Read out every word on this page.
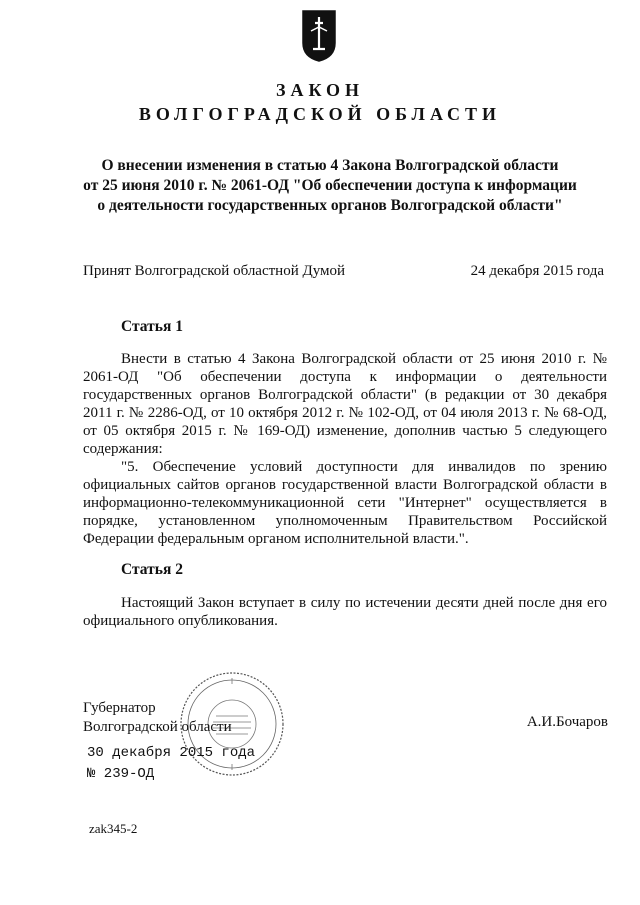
ЗАКОН
ВОЛГОГРАДСКОЙ ОБЛАСТИ
О внесении изменения в статью 4 Закона Волгоградской области
от 25 июня 2010 г. № 2061-ОД "Об обеспечении доступа к информации
о деятельности государственных органов Волгоградской области"
Принят Волгоградской областной Думой	24 декабря 2015 года
Статья 1
Внести в статью 4 Закона Волгоградской области от 25 июня 2010 г. № 2061-ОД "Об обеспечении доступа к информации о деятельности государственных органов Волгоградской области" (в редакции от 30 декабря 2011 г. № 2286-ОД, от 10 октября 2012 г. № 102-ОД, от 04 июля 2013 г. № 68-ОД, от 05 октября 2015 г. № 169-ОД) изменение, дополнив частью 5 следующего содержания:
"5. Обеспечение условий доступности для инвалидов по зрению официальных сайтов органов государственной власти Волгоградской области в информационно-телекоммуникационной сети "Интернет" осуществляется в порядке, установленном уполномоченным Правительством Российской Федерации федеральным органом исполнительной власти.".
Статья 2
Настоящий Закон вступает в силу по истечении десяти дней после дня его официального опубликования.
Губернатор
Волгоградской области	А.И.Бочаров
30 декабря 2015 года
№ 239-ОД
zak345-2
